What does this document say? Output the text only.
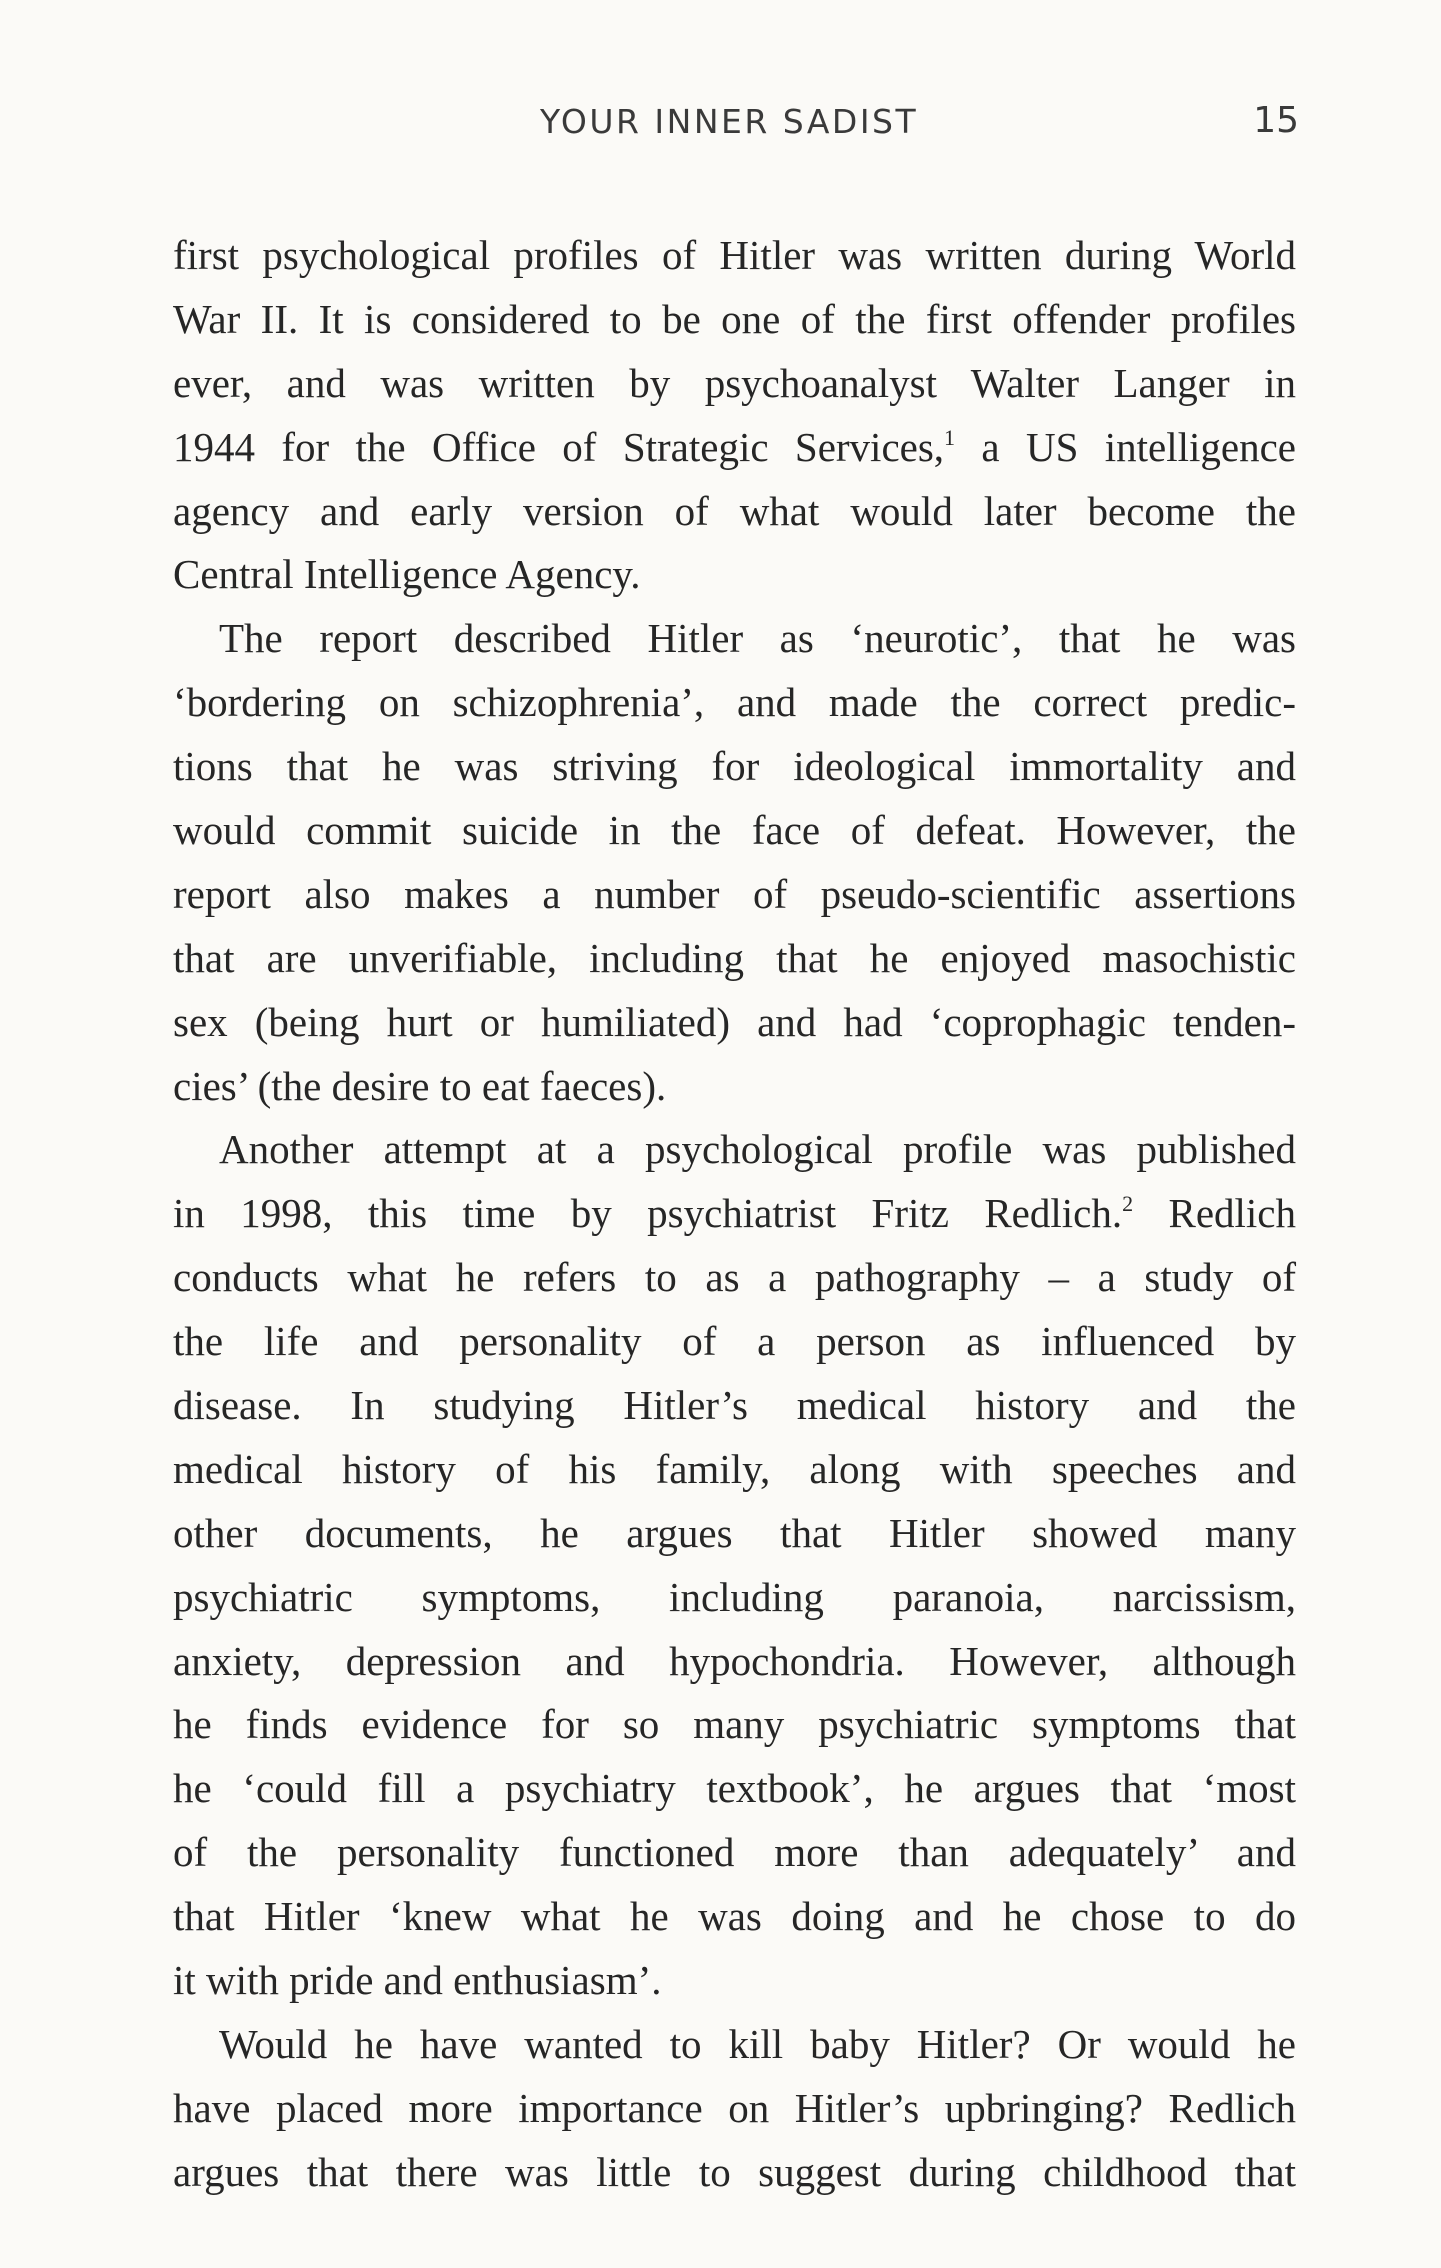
YOUR INNER SADIST	15
first psychological profiles of Hitler was written during World
War II. It is considered to be one of the first offender profiles
ever, and was written by psychoanalyst Walter Langer in
1944 for the Office of Strategic Services,$^1$ a US intelligence
agency and early version of what would later become the
Central Intelligence Agency.
The report described Hitler as ‘neurotic’, that he was
‘bordering on schizophrenia’, and made the correct predic-
tions that he was striving for ideological immortality and
would commit suicide in the face of defeat. However, the
report also makes a number of pseudo-scientific assertions
that are unverifiable, including that he enjoyed masochistic
sex (being hurt or humiliated) and had ‘coprophagic tenden-
cies’ (the desire to eat faeces).
Another attempt at a psychological profile was published
in 1998, this time by psychiatrist Fritz Redlich.$^2$ Redlich
conducts what he refers to as a pathography – a study of
the life and personality of a person as influenced by
disease. In studying Hitler’s medical history and the
medical history of his family, along with speeches and
other documents, he argues that Hitler showed many
psychiatric symptoms, including paranoia, narcissism,
anxiety, depression and hypochondria. However, although
he finds evidence for so many psychiatric symptoms that
he ‘could fill a psychiatry textbook’, he argues that ‘most
of the personality functioned more than adequately’ and
that Hitler ‘knew what he was doing and he chose to do
it with pride and enthusiasm’.
Would he have wanted to kill baby Hitler? Or would he
have placed more importance on Hitler’s upbringing? Redlich
argues that there was little to suggest during childhood that
